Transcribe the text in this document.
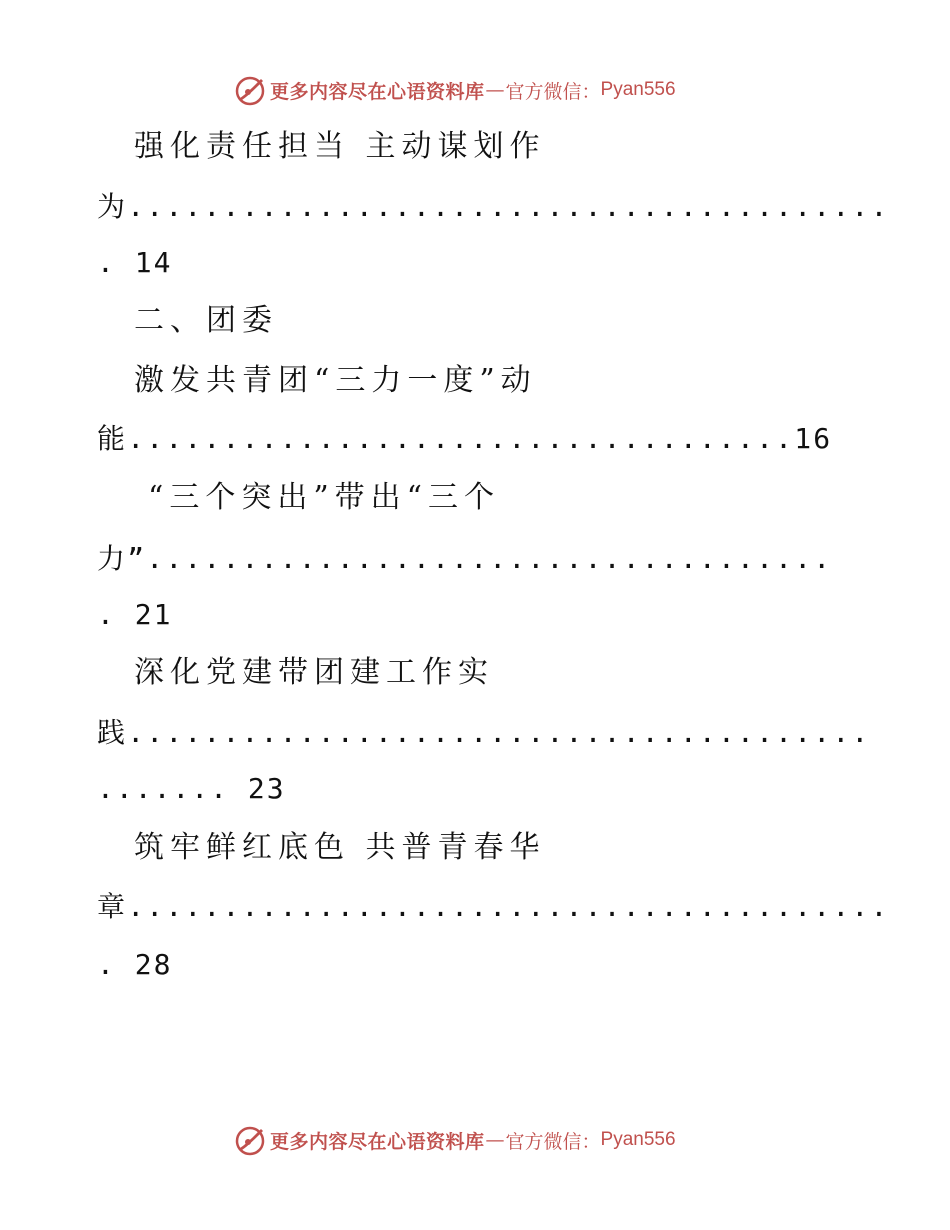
更多内容尽在心语资料库 — 官方微信： Pyan556
强化责任担当 主动谋划作
为........................................
. 14
二、团委
激发共青团“三力一度”动
能...................................16
“三个突出”带出“三个
力”....................................
. 21
深化党建带团建工作实
践.......................................
....... 23
筑牢鲜红底色 共普青春华
章........................................
. 28
更多内容尽在心语资料库 — 官方微信： Pyan556
